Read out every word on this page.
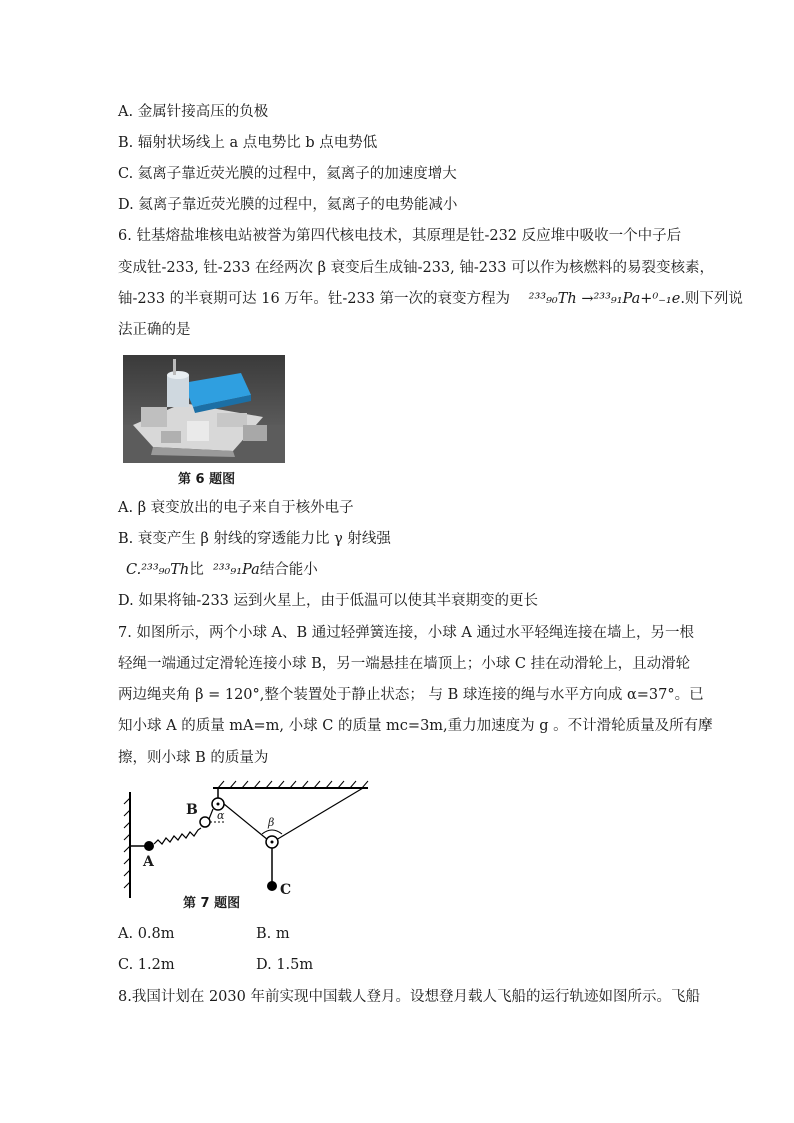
A. 金属针接高压的负极
B. 辐射状场线上 a 点电势比 b 点电势低
C. 氦离子靠近荧光膜的过程中，氦离子的加速度增大
D. 氦离子靠近荧光膜的过程中，氦离子的电势能减小
6. 钍基熔盐堆核电站被誉为第四代核电技术，其原理是钍-232 反应堆中吸收一个中子后
变成钍-233, 钍-233 在经两次 β 衰变后生成铀-233, 铀-233 可以作为核燃料的易裂变核素，
铀-233 的半衰期可达 16 万年。钍-233 第一次的衰变方程为 ²³³₉₀Th →²³³₉₁Pa+⁰₋₁e.则下列说
法正确的是
第 6 题图
A. β 衰变放出的电子来自于核外电子
B. 衰变产生 β 射线的穿透能力比 γ 射线强
C.²³³₉₀Th比 ²³³₉₁Pa结合能小
D. 如果将铀-233 运到火星上，由于低温可以使其半衰期变的更长
7. 如图所示，两个小球 A、B 通过轻弹簧连接，小球 A 通过水平轻绳连接在墙上，另一根
轻绳一端通过定滑轮连接小球 B，另一端悬挂在墙顶上；小球 C 挂在动滑轮上，且动滑轮
两边绳夹角 β = 120°,整个装置处于静止状态； 与 B 球连接的绳与水平方向成 α=37°。已
知小球 A 的质量 mA=m, 小球 C 的质量 mc=3m,重力加速度为 g 。不计滑轮质量及所有摩
擦，则小球 B 的质量为
A
B
C
α
β
第 7 题图
A. 0.8m	B. m
C. 1.2m	D. 1.5m
8.我国计划在 2030 年前实现中国载人登月。设想登月载人飞船的运行轨迹如图所示。飞船
